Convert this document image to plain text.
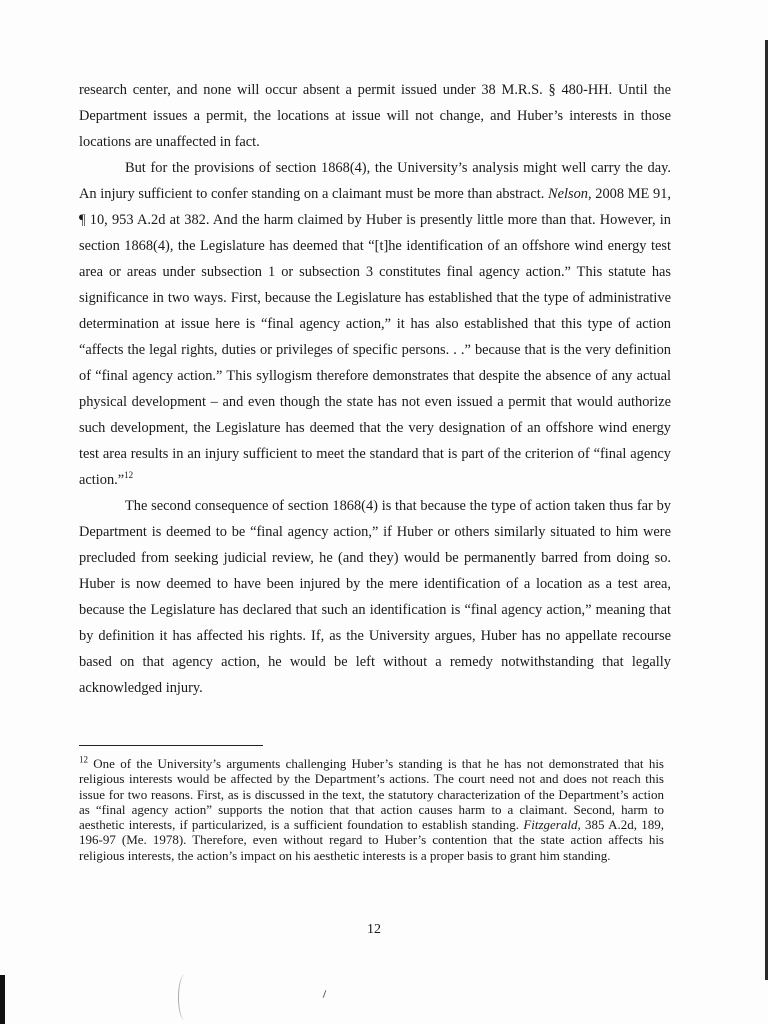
research center, and none will occur absent a permit issued under 38 M.R.S. § 480-HH. Until the Department issues a permit, the locations at issue will not change, and Huber’s interests in those locations are unaffected in fact.

But for the provisions of section 1868(4), the University’s analysis might well carry the day. An injury sufficient to confer standing on a claimant must be more than abstract. Nelson, 2008 ME 91, ¶ 10, 953 A.2d at 382. And the harm claimed by Huber is presently little more than that. However, in section 1868(4), the Legislature has deemed that “[t]he identification of an offshore wind energy test area or areas under subsection 1 or subsection 3 constitutes final agency action.” This statute has significance in two ways. First, because the Legislature has established that the type of administrative determination at issue here is “final agency action,” it has also established that this type of action “affects the legal rights, duties or privileges of specific persons. . .” because that is the very definition of “final agency action.” This syllogism therefore demonstrates that despite the absence of any actual physical development – and even though the state has not even issued a permit that would authorize such development, the Legislature has deemed that the very designation of an offshore wind energy test area results in an injury sufficient to meet the standard that is part of the criterion of “final agency action.”$^{12}$

The second consequence of section 1868(4) is that because the type of action taken thus far by Department is deemed to be “final agency action,” if Huber or others similarly situated to him were precluded from seeking judicial review, he (and they) would be permanently barred from doing so. Huber is now deemed to have been injured by the mere identification of a location as a test area, because the Legislature has declared that such an identification is “final agency action,” meaning that by definition it has affected his rights. If, as the University argues, Huber has no appellate recourse based on that agency action, he would be left without a remedy notwithstanding that legally acknowledged injury.

$^{12}$ One of the University’s arguments challenging Huber’s standing is that he has not demonstrated that his religious interests would be affected by the Department’s actions. The court need not and does not reach this issue for two reasons. First, as is discussed in the text, the statutory characterization of the Department’s action as “final agency action” supports the notion that that action causes harm to a claimant. Second, harm to aesthetic interests, if particularized, is a sufficient foundation to establish standing. Fitzgerald, 385 A.2d, 189, 196-97 (Me. 1978). Therefore, even without regard to Huber’s contention that the state action affects his religious interests, the action’s impact on his aesthetic interests is a proper basis to grant him standing.

12
